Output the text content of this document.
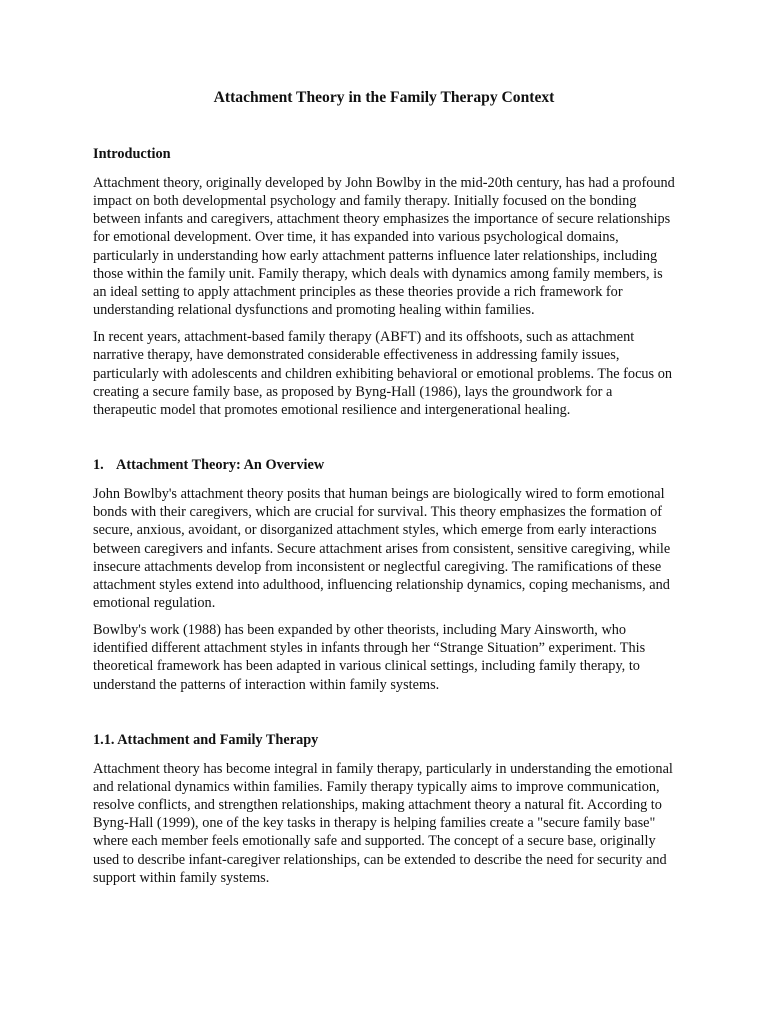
Attachment Theory in the Family Therapy Context
Introduction

Attachment theory, originally developed by John Bowlby in the mid-20th century, has had a profound impact on both developmental psychology and family therapy. Initially focused on the bonding between infants and caregivers, attachment theory emphasizes the importance of secure relationships for emotional development. Over time, it has expanded into various psychological domains, particularly in understanding how early attachment patterns influence later relationships, including those within the family unit. Family therapy, which deals with dynamics among family members, is an ideal setting to apply attachment principles as these theories provide a rich framework for understanding relational dysfunctions and promoting healing within families.

In recent years, attachment-based family therapy (ABFT) and its offshoots, such as attachment narrative therapy, have demonstrated considerable effectiveness in addressing family issues, particularly with adolescents and children exhibiting behavioral or emotional problems. The focus on creating a secure family base, as proposed by Byng-Hall (1986), lays the groundwork for a therapeutic model that promotes emotional resilience and intergenerational healing.

1. Attachment Theory: An Overview

John Bowlby's attachment theory posits that human beings are biologically wired to form emotional bonds with their caregivers, which are crucial for survival. This theory emphasizes the formation of secure, anxious, avoidant, or disorganized attachment styles, which emerge from early interactions between caregivers and infants. Secure attachment arises from consistent, sensitive caregiving, while insecure attachments develop from inconsistent or neglectful caregiving. The ramifications of these attachment styles extend into adulthood, influencing relationship dynamics, coping mechanisms, and emotional regulation.

Bowlby's work (1988) has been expanded by other theorists, including Mary Ainsworth, who identified different attachment styles in infants through her “Strange Situation” experiment. This theoretical framework has been adapted in various clinical settings, including family therapy, to understand the patterns of interaction within family systems.

1.1. Attachment and Family Therapy

Attachment theory has become integral in family therapy, particularly in understanding the emotional and relational dynamics within families. Family therapy typically aims to improve communication, resolve conflicts, and strengthen relationships, making attachment theory a natural fit. According to Byng-Hall (1999), one of the key tasks in therapy is helping families create a "secure family base" where each member feels emotionally safe and supported. The concept of a secure base, originally used to describe infant-caregiver relationships, can be extended to describe the need for security and support within family systems.
